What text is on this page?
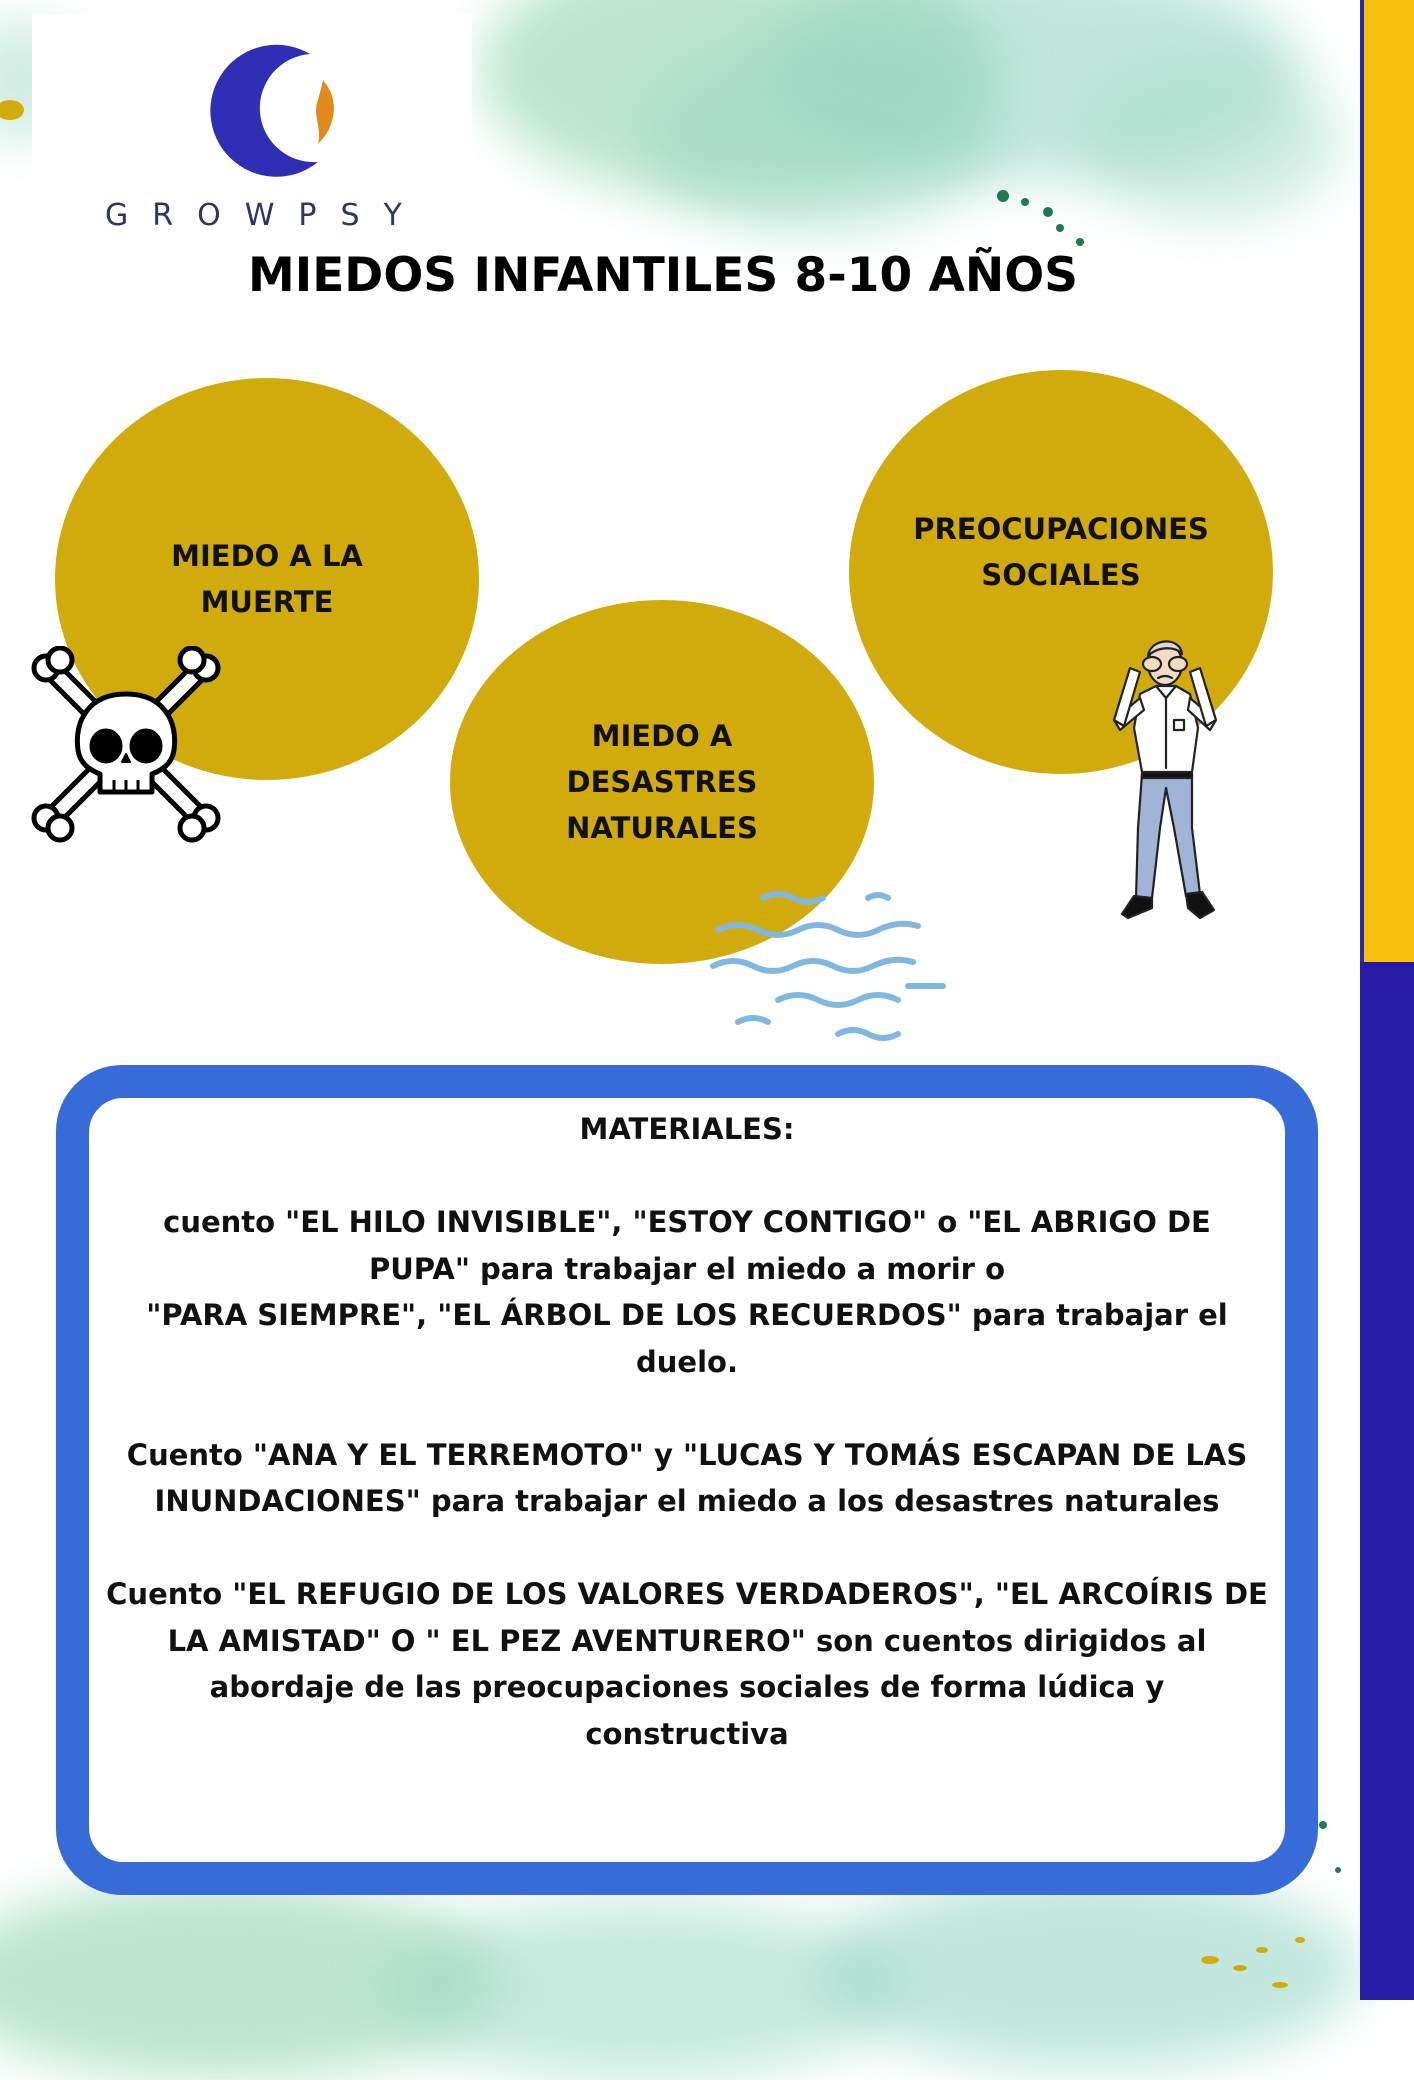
GROWPSY
MIEDOS INFANTILES 8-10 AÑOS
MIEDO A LA
MUERTE
MIEDO A
DESASTRES
NATURALES
PREOCUPACIONES
SOCIALES

MATERIALES:

cuento "EL HILO INVISIBLE", "ESTOY CONTIGO" o "EL ABRIGO DE
PUPA" para trabajar el miedo a morir o
"PARA SIEMPRE", "EL ÁRBOL DE LOS RECUERDOS" para trabajar el
duelo.

Cuento "ANA Y EL TERREMOTO" y "LUCAS Y TOMÁS ESCAPAN DE LAS
INUNDACIONES" para trabajar el miedo a los desastres naturales

Cuento "EL REFUGIO DE LOS VALORES VERDADEROS", "EL ARCOÍRIS DE
LA AMISTAD" O " EL PEZ AVENTURERO" son cuentos dirigidos al
abordaje de las preocupaciones sociales de forma lúdica y
constructiva
